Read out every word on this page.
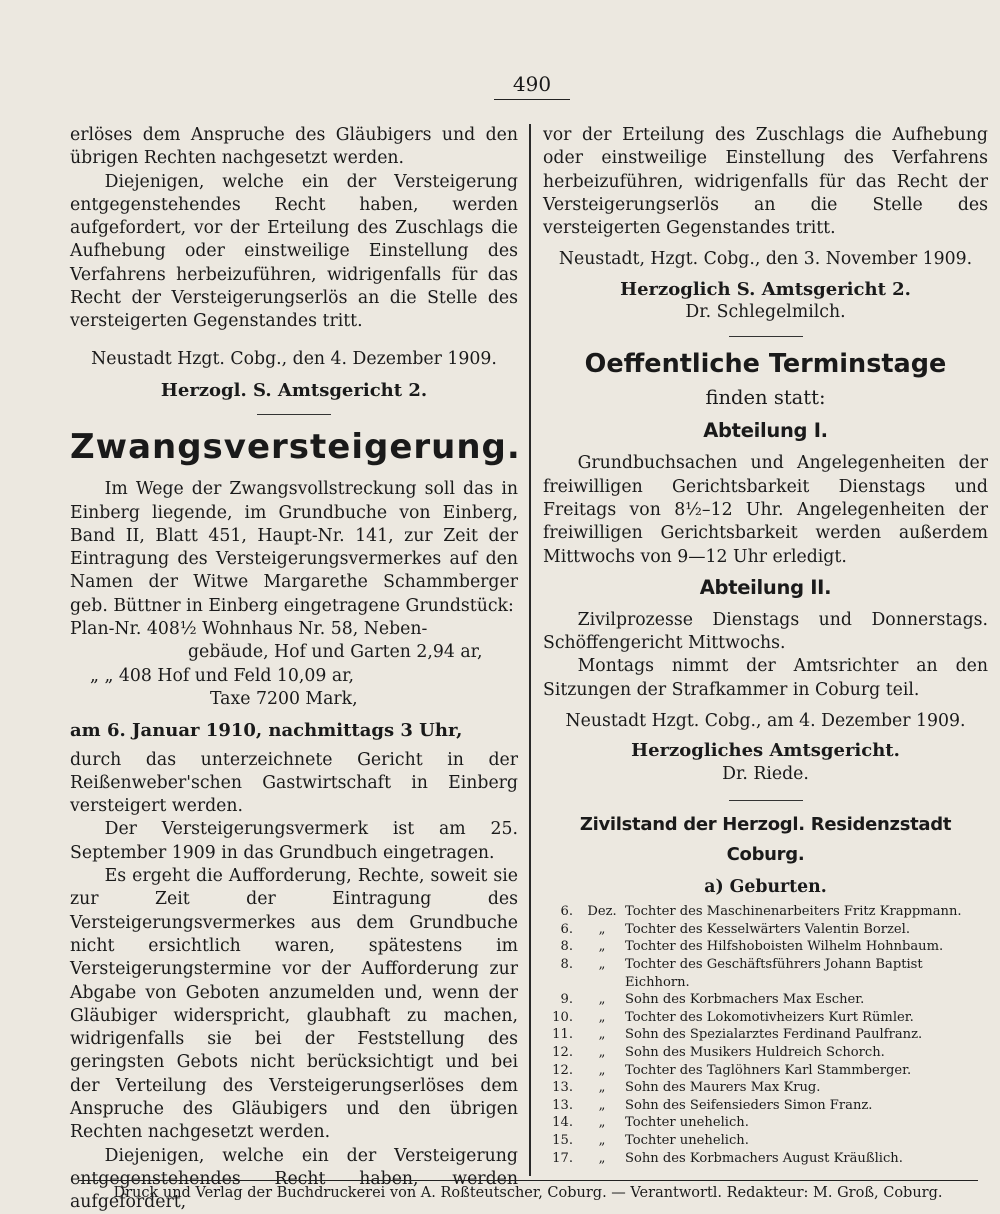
490

erlöses dem Anspruche des Gläubigers und den übrigen Rechten nachgesetzt werden.

Diejenigen, welche ein der Versteigerung entgegenstehendes Recht haben, werden aufgefordert, vor der Erteilung des Zuschlags die Aufhebung oder einstweilige Einstellung des Verfahrens herbeizuführen, widrigenfalls für das Recht der Versteigerungserlös an die Stelle des versteigerten Gegenstandes tritt.

Neustadt Hzgt. Cobg., den 4. Dezember 1909.

Herzogl. S. Amtsgericht 2.

Zwangsversteigerung.

Im Wege der Zwangsvollstreckung soll das in Einberg liegende, im Grundbuche von Einberg, Band II, Blatt 451, Haupt-Nr. 141, zur Zeit der Eintragung des Versteigerungsvermerkes auf den Namen der Witwe Margarethe Schammberger geb. Büttner in Einberg eingetragene Grundstück:

Plan-Nr. 408½ Wohnhaus Nr. 58, Neben-
gebäude, Hof und Garten 2,94 ar,
„ „ 408 Hof und Feld 10,09 ar,
Taxe 7200 Mark,

am 6. Januar 1910, nachmittags 3 Uhr,

durch das unterzeichnete Gericht in der Reißenweber'schen Gastwirtschaft in Einberg versteigert werden.

Der Versteigerungsvermerk ist am 25. September 1909 in das Grundbuch eingetragen.

Es ergeht die Aufforderung, Rechte, soweit sie zur Zeit der Eintragung des Versteigerungsvermerkes aus dem Grundbuche nicht ersichtlich waren, spätestens im Versteigerungstermine vor der Aufforderung zur Abgabe von Geboten anzumelden und, wenn der Gläubiger widerspricht, glaubhaft zu machen, widrigenfalls sie bei der Feststellung des geringsten Gebots nicht berücksichtigt und bei der Verteilung des Versteigerungserlöses dem Anspruche des Gläubigers und den übrigen Rechten nachgesetzt werden.

Diejenigen, welche ein der Versteigerung entgegenstehendes Recht haben, werden aufgefordert,

vor der Erteilung des Zuschlags die Aufhebung oder einstweilige Einstellung des Verfahrens herbeizuführen, widrigenfalls für das Recht der Versteigerungserlös an die Stelle des versteigerten Gegenstandes tritt.

Neustadt, Hzgt. Cobg., den 3. November 1909.

Herzoglich S. Amtsgericht 2.

Dr. Schlegelmilch.

Oeffentliche Terminstage
finden statt:
Abteilung I.

Grundbuchsachen und Angelegenheiten der freiwilligen Gerichtsbarkeit Dienstags und Freitags von 8½–12 Uhr. Angelegenheiten der freiwilligen Gerichtsbarkeit werden außerdem Mittwochs von 9—12 Uhr erledigt.

Abteilung II.

Zivilprozesse Dienstags und Donnerstags. Schöffengericht Mittwochs.

Montags nimmt der Amtsrichter an den Sitzungen der Strafkammer in Coburg teil.

Neustadt Hzgt. Cobg., am 4. Dezember 1909.

Herzogliches Amtsgericht.

Dr. Riede.

Zivilstand der Herzogl. Residenzstadt Coburg.

a) Geburten.

6.	Dez.	Tochter des Maschinenarbeiters Fritz Krappmann.
6.	„	Tochter des Kesselwärters Valentin Borzel.
8.	„	Tochter des Hilfshoboisten Wilhelm Hohnbaum.
8.	„	Tochter des Geschäftsführers Johann Baptist Eichhorn.
9.	„	Sohn des Korbmachers Max Escher.
10.	„	Tochter des Lokomotivheizers Kurt Rümler.
11.	„	Sohn des Spezialarztes Ferdinand Paulfranz.
12.	„	Sohn des Musikers Huldreich Schorch.
12.	„	Tochter des Taglöhners Karl Stammberger.
13.	„	Sohn des Maurers Max Krug.
13.	„	Sohn des Seifensieders Simon Franz.
14.	„	Tochter unehelich.
15.	„	Tochter unehelich.
17.	„	Sohn des Korbmachers August Kräußlich.
Druck und Verlag der Buchdruckerei von A. Roßteutscher, Coburg. — Verantwortl. Redakteur: M. Groß, Coburg.
